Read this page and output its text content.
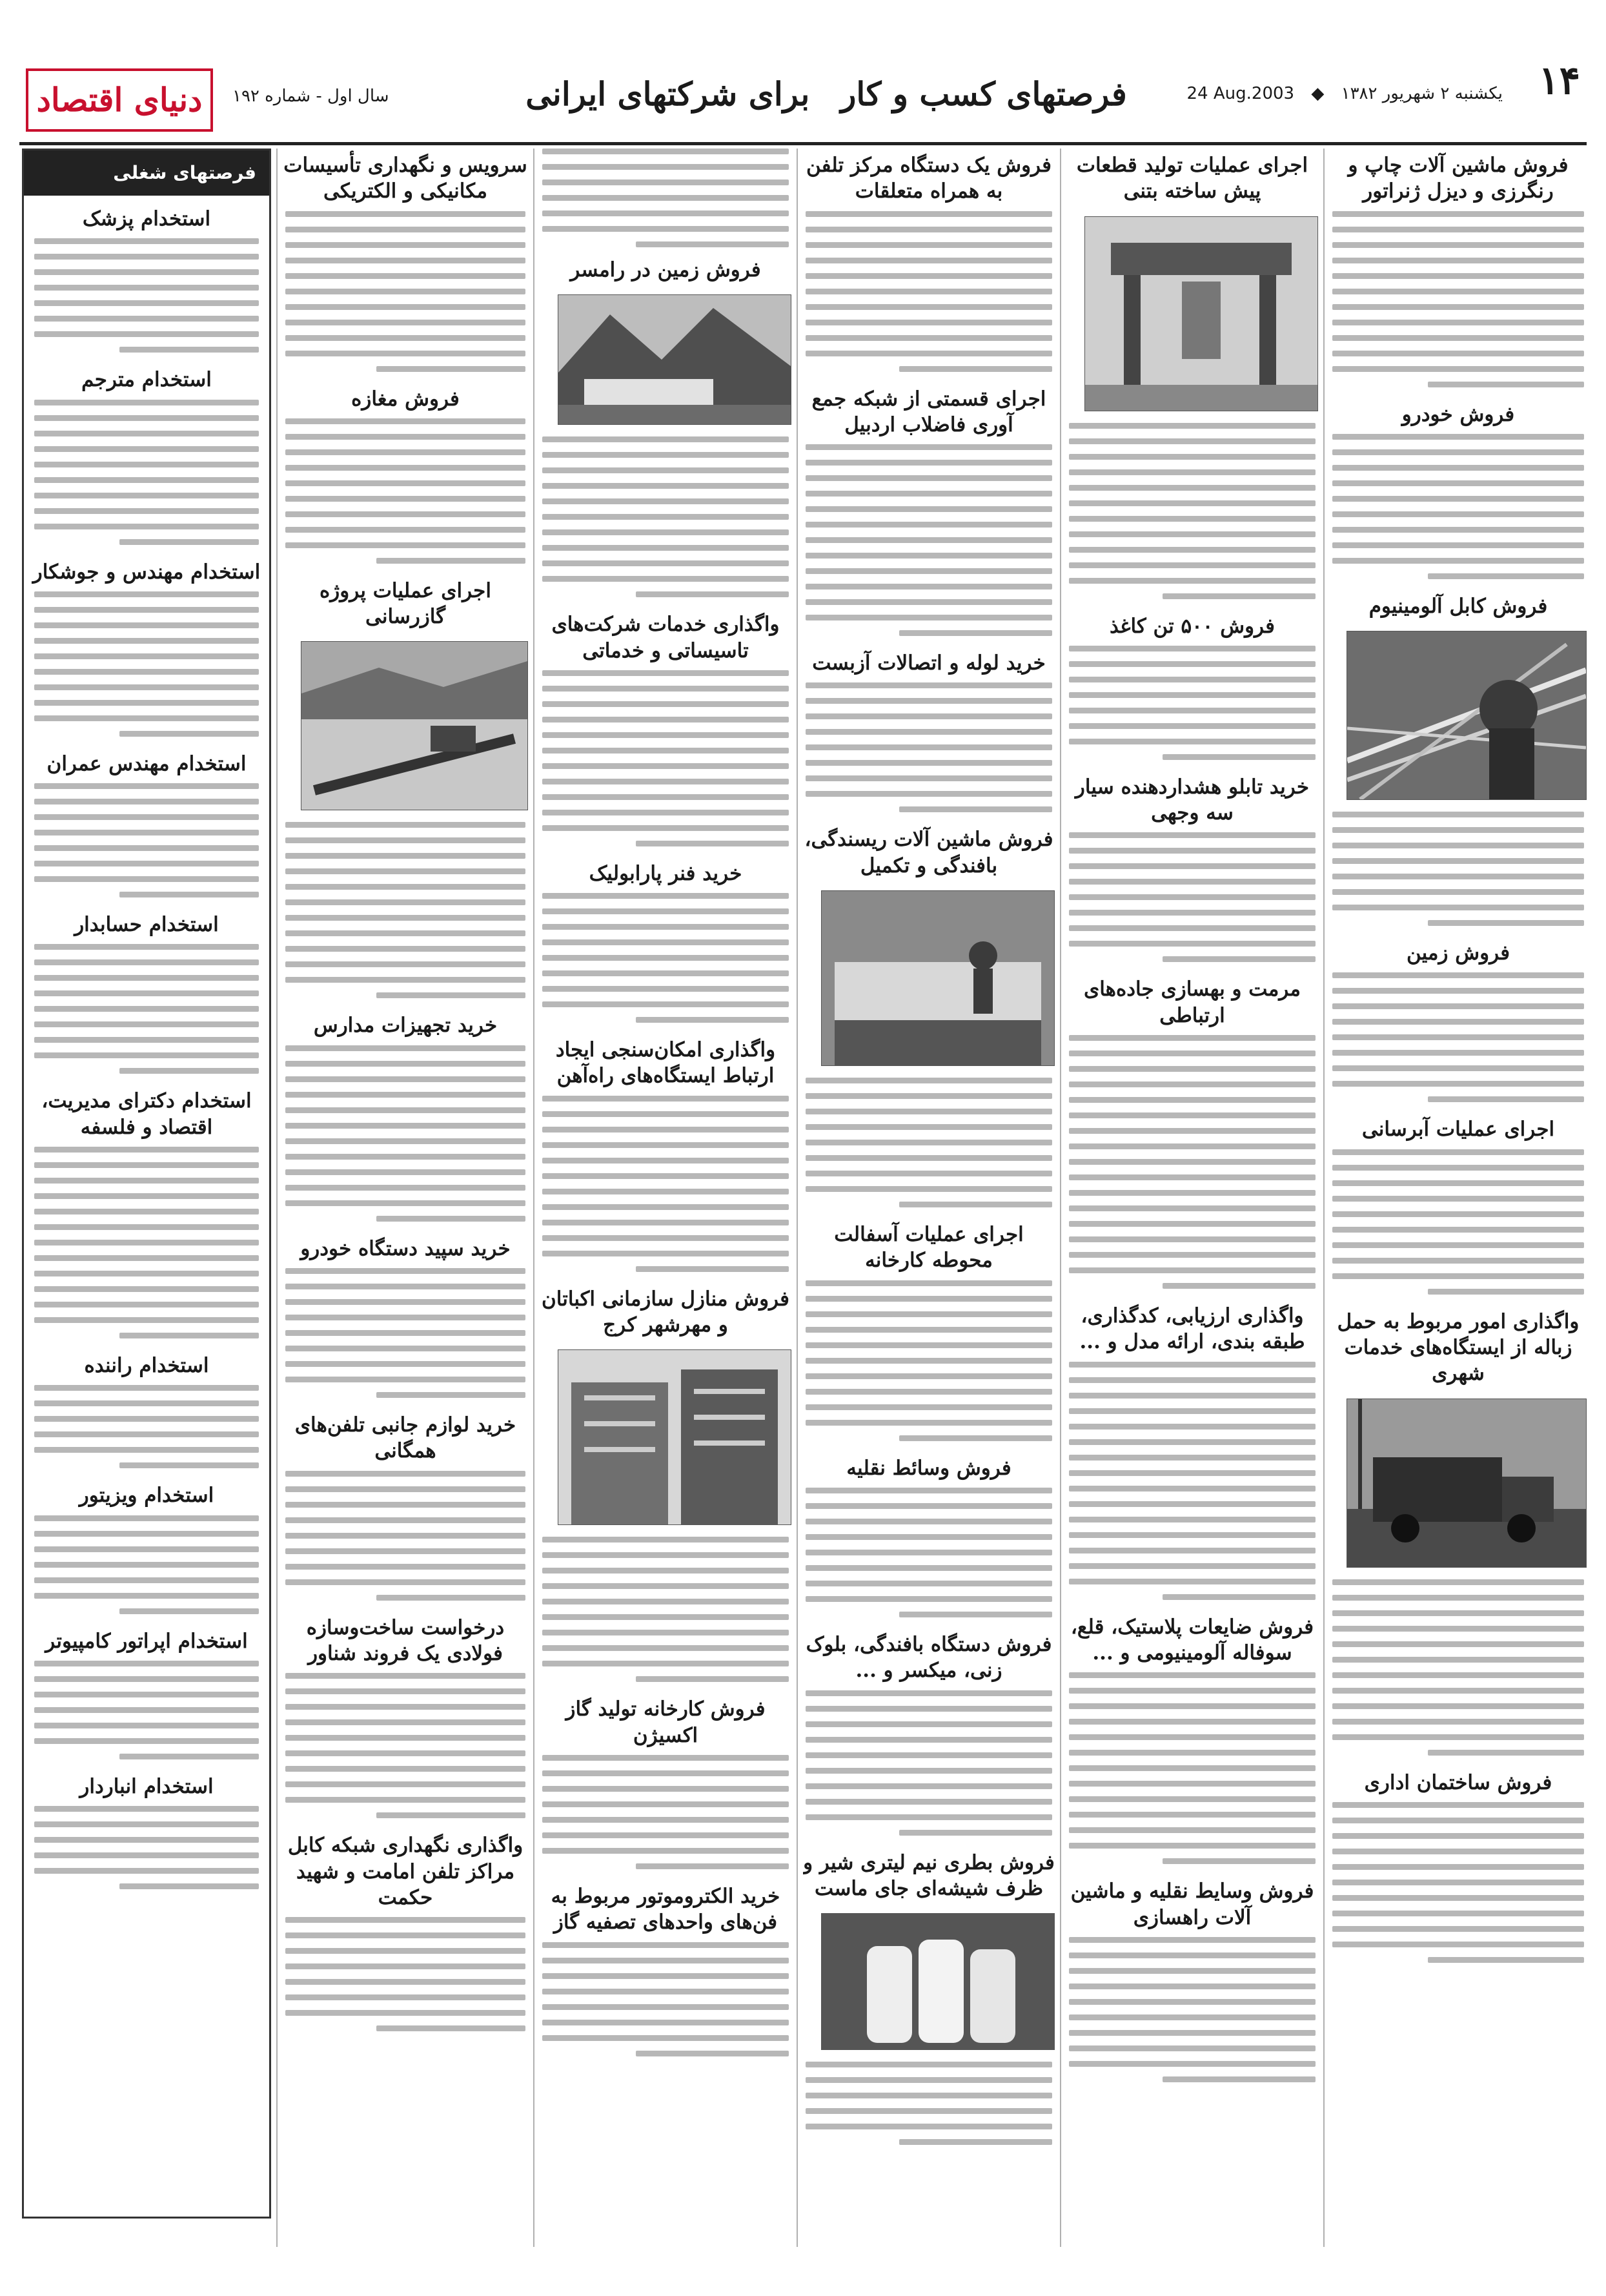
۱۴
24 Aug.2003 ◆ یکشنبه ۲ شهریور ۱۳۸۲
فرصتهای کسب و کار
برای شرکتهای ایرانی
سال اول - شماره ۱۹۲
دنیای اقتصاد
فروش ماشین آلات چاپ و رنگرزی و دیزل ژنراتور
فروش خودرو
فروش کابل آلومینیوم
فروش زمین
اجرای عملیات آبرسانی
واگذاری امور مربوط به حمل زباله از ایستگاه‌های خدمات شهری
فروش ساختمان اداری
اجرای عملیات تولید قطعات پیش ساخته بتنی
فروش ۵۰۰ تن کاغذ
خرید تابلو هشداردهنده سیار سه وجهی
مرمت و بهسازی جاده‌های ارتباطی
واگذاری ارزیابی، کدگذاری، طبقه بندی، ارائه مدل و ...
فروش ضایعات پلاستیک، قلع، سوفاله آلومینیومی و ...
فروش وسایط نقلیه و ماشین آلات راهسازی
فروش یک دستگاه مرکز تلفن به همراه متعلقات
اجرای قسمتی از شبکه جمع آوری فاضلاب اردبیل
خرید لوله و اتصالات آزبست
فروش ماشین آلات ریسندگی، بافندگی و تکمیل
اجرای عملیات آسفالت محوطه کارخانه
فروش وسائط نقلیه
فروش دستگاه بافندگی، بلوک زنی، میکسر و ...
فروش بطری نیم لیتری شیر و ظرف شیشه‌ای جای ماست
فروش زمین در رامسر
واگذاری خدمات شرکت‌های تاسیساتی و خدماتی
خرید فنر پارابولیک
واگذاری امکان‌سنجی ایجاد ارتباط ایستگاه‌های راه‌آهن
فروش منازل سازمانی اکباتان و مهرشهر کرج
فروش کارخانه تولید گاز اکسیژن
خرید الکتروموتور مربوط به فن‌های واحدهای تصفیه گاز
سرویس و نگهداری تأسیسات مکانیکی و الکتریکی
فروش مغازه
اجرای عملیات پروژه گازرسانی
خرید تجهیزات مدارس
خرید سپید دستگاه خودرو
خرید لوازم جانبی تلفن‌های همگانی
درخواست ساخت‌وسازه فولادی یک فروند شناور
واگذاری نگهداری شبکه کابل مراکز تلفن امامت و شهید حکمت
فرصتهای شغلی
استخدام پزشک
استخدام مترجم
استخدام مهندس و جوشکار
استخدام مهندس عمران
استخدام حسابدار
استخدام دکترای مدیریت، اقتصاد و فلسفه
استخدام راننده
استخدام ویزیتور
استخدام اپراتور کامپیوتر
استخدام انباردار
